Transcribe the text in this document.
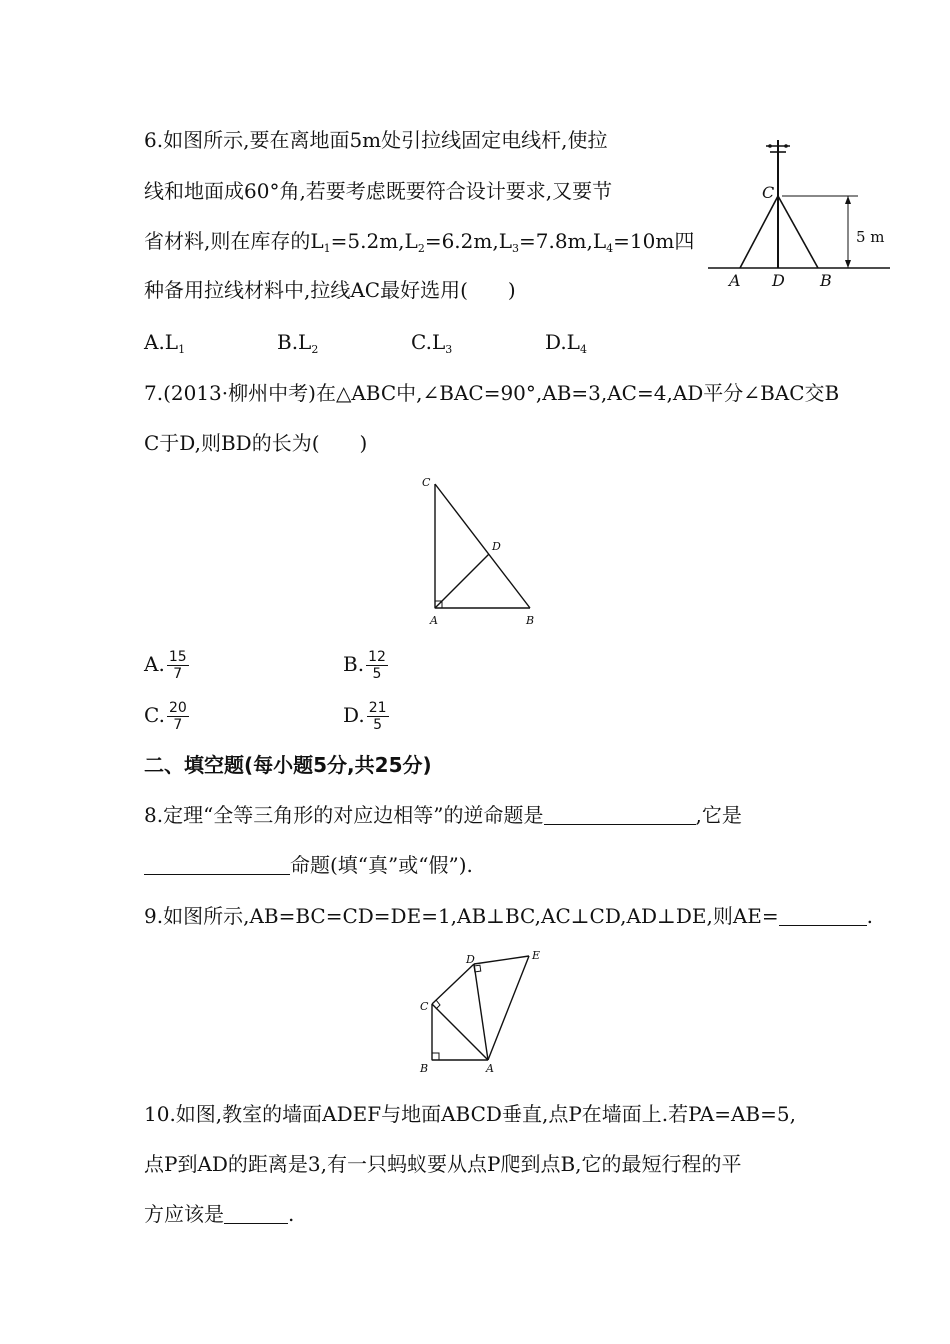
6.如图所示,要在离地面5m处引拉线固定电线杆,使拉
线和地面成60°角,若要考虑既要符合设计要求,又要节
省材料,则在库存的$L_1=5.2m,L_2=6.2m,L_3=7.8m,L_4=10m$四
种备用拉线材料中,拉线AC最好选用(　　)
$A.L_1$	$B.L_2$	$C.L_3$	$D.L_4$
C
A D B
5 m
7.(2013·柳州中考)在△ABC中,∠BAC=90°,AB=3,AC=4,AD平分∠BAC交B
C于D,则BD的长为(　　)
C
D
A	B
A. $\frac{15}{7}$	B. $\frac{12}{5}$
C. $\frac{20}{7}$	D. $\frac{21}{5}$
二、填空题(每小题5分,共25分)
8.定理“全等三角形的对应边相等”的逆命题是	,它是
命题(填“真”或“假”).
9.如图所示,AB=BC=CD=DE=1,AB⊥BC,AC⊥CD,AD⊥DE,则AE=	.
D	E
C
B	A
10.如图,教室的墙面ADEF与地面ABCD垂直,点P在墙面上.若PA=AB=5,
点P到AD的距离是3,有一只蚂蚁要从点P爬到点B,它的最短行程的平
方应该是	.
